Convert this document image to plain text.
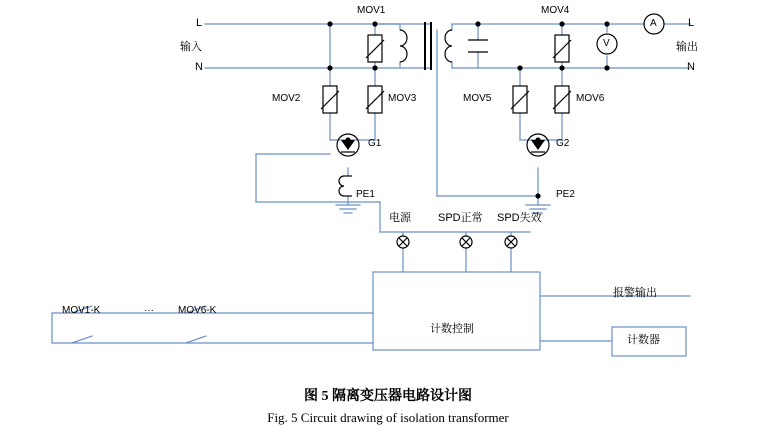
L
N
输入
L
N
输出
MOV1
MOV2	MOV3
MOV4
MOV5	MOV6
G1	G2
PE1	PE2
A
V
电源 SPD正常 SPD失效
计数控制
报警输出
计数器
MOV1-K	··· MOV6-K
图 5 隔离变压器电路设计图
Fig. 5 Circuit drawing of isolation transformer
